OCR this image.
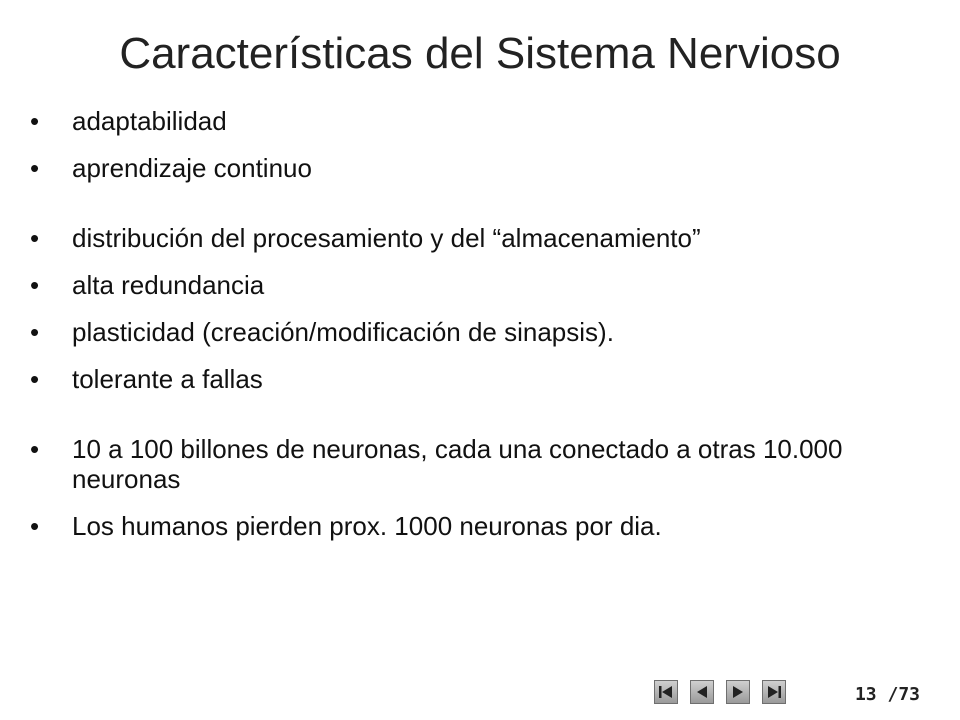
Características del Sistema Nervioso
• adaptabilidad
• aprendizaje continuo
• distribución del procesamiento y del “almacenamiento”
• alta redundancia
• plasticidad (creación/modificación de sinapsis).
• tolerante a fallas
• 10 a 100 billones de neuronas, cada una conectado a otras 10.000 neuronas
• Los humanos pierden prox. 1000 neuronas por dia.
13 /73
